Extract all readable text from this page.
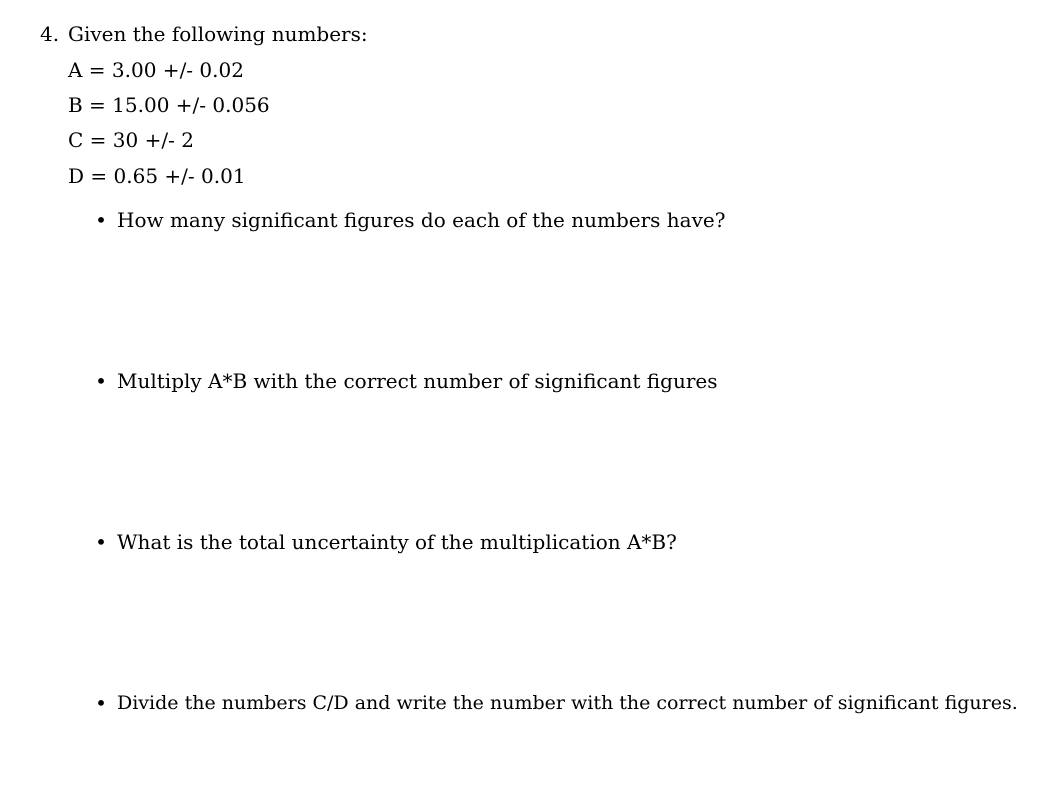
4. Given the following numbers:
A = 3.00 +/- 0.02
B = 15.00 +/- 0.056
C = 30 +/- 2
D = 0.65 +/- 0.01
• How many significant figures do each of the numbers have?
• Multiply A*B with the correct number of significant figures
• What is the total uncertainty of the multiplication A*B?
• Divide the numbers C/D and write the number with the correct number of significant figures.
